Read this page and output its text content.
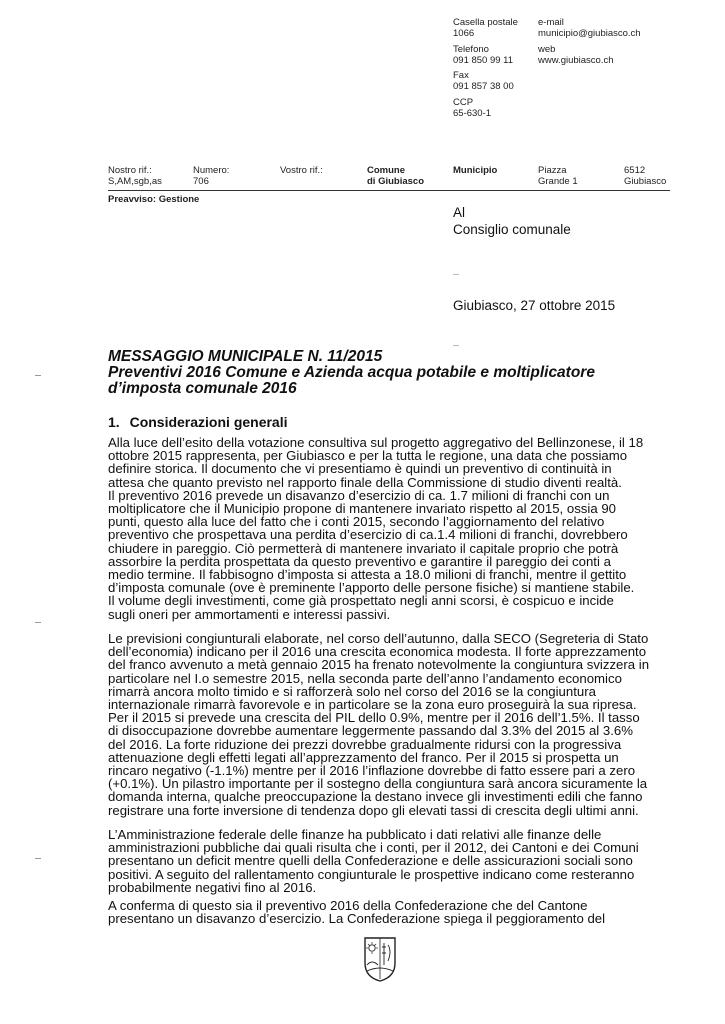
Casella postale
1066
Telefono
091 850 99 11
Fax
091 857 38 00
CCP
65-630-1
e-mail
municipio@giubiasco.ch
web
www.giubiasco.ch
Nostro rif.:
S,AM,sgb,as
Numero:
706
Vostro rif.:	Comune
di Giubiasco
Municipio	Piazza
Grande 1
6512
Giubiasco
Preavviso: Gestione
Al
Consiglio comunale
Giubiasco, 27 ottobre 2015
MESSAGGIO MUNICIPALE N. 11/2015
Preventivi 2016 Comune e Azienda acqua potabile e moltiplicatore
d’imposta comunale 2016
1. Considerazioni generali
Alla luce dell’esito della votazione consultiva sul progetto aggregativo del Bellinzonese, il 18
ottobre 2015 rappresenta, per Giubiasco e per la tutta le regione, una data che possiamo
definire storica. Il documento che vi presentiamo è quindi un preventivo di continuità in
attesa che quanto previsto nel rapporto finale della Commissione di studio diventi realtà.
Il preventivo 2016 prevede un disavanzo d’esercizio di ca. 1.7 milioni di franchi con un
moltiplicatore che il Municipio propone di mantenere invariato rispetto al 2015, ossia 90
punti, questo alla luce del fatto che i conti 2015, secondo l’aggiornamento del relativo
preventivo che prospettava una perdita d’esercizio di ca.1.4 milioni di franchi, dovrebbero
chiudere in pareggio. Ciò permetterà di mantenere invariato il capitale proprio che potrà
assorbire la perdita prospettata da questo preventivo e garantire il pareggio dei conti a
medio termine. Il fabbisogno d’imposta si attesta a 18.0 milioni di franchi, mentre il gettito
d’imposta comunale (ove è preminente l’apporto delle persone fisiche) si mantiene stabile.
Il volume degli investimenti, come già prospettato negli anni scorsi, è cospicuo e incide
sugli oneri per ammortamenti e interessi passivi.
Le previsioni congiunturali elaborate, nel corso dell’autunno, dalla SECO (Segreteria di Stato
dell’economia) indicano per il 2016 una crescita economica modesta. Il forte apprezzamento
del franco avvenuto a metà gennaio 2015 ha frenato notevolmente la congiuntura svizzera in
particolare nel I.o semestre 2015, nella seconda parte dell’anno l’andamento economico
rimarrà ancora molto timido e si rafforzerà solo nel corso del 2016 se la congiuntura
internazionale rimarrà favorevole e in particolare se la zona euro proseguirà la sua ripresa.
Per il 2015 si prevede una crescita del PIL dello 0.9%, mentre per il 2016 dell’1.5%. Il tasso
di disoccupazione dovrebbe aumentare leggermente passando dal 3.3% del 2015 al 3.6%
del 2016. La forte riduzione dei prezzi dovrebbe gradualmente ridursi con la progressiva
attenuazione degli effetti legati all’apprezzamento del franco. Per il 2015 si prospetta un
rincaro negativo (-1.1%) mentre per il 2016 l’inflazione dovrebbe di fatto essere pari a zero
(+0.1%). Un pilastro importante per il sostegno della congiuntura sarà ancora sicuramente la
domanda interna, qualche preoccupazione la destano invece gli investimenti edili che fanno
registrare una forte inversione di tendenza dopo gli elevati tassi di crescita degli ultimi anni.
L’Amministrazione federale delle finanze ha pubblicato i dati relativi alle finanze delle
amministrazioni pubbliche dai quali risulta che i conti, per il 2012, dei Cantoni e dei Comuni
presentano un deficit mentre quelli della Confederazione e delle assicurazioni sociali sono
positivi. A seguito del rallentamento congiunturale le prospettive indicano come resteranno
probabilmente negativi fino al 2016.
A conferma di questo sia il preventivo 2016 della Confederazione che del Cantone
presentano un disavanzo d’esercizio. La Confederazione spiega il peggioramento del
